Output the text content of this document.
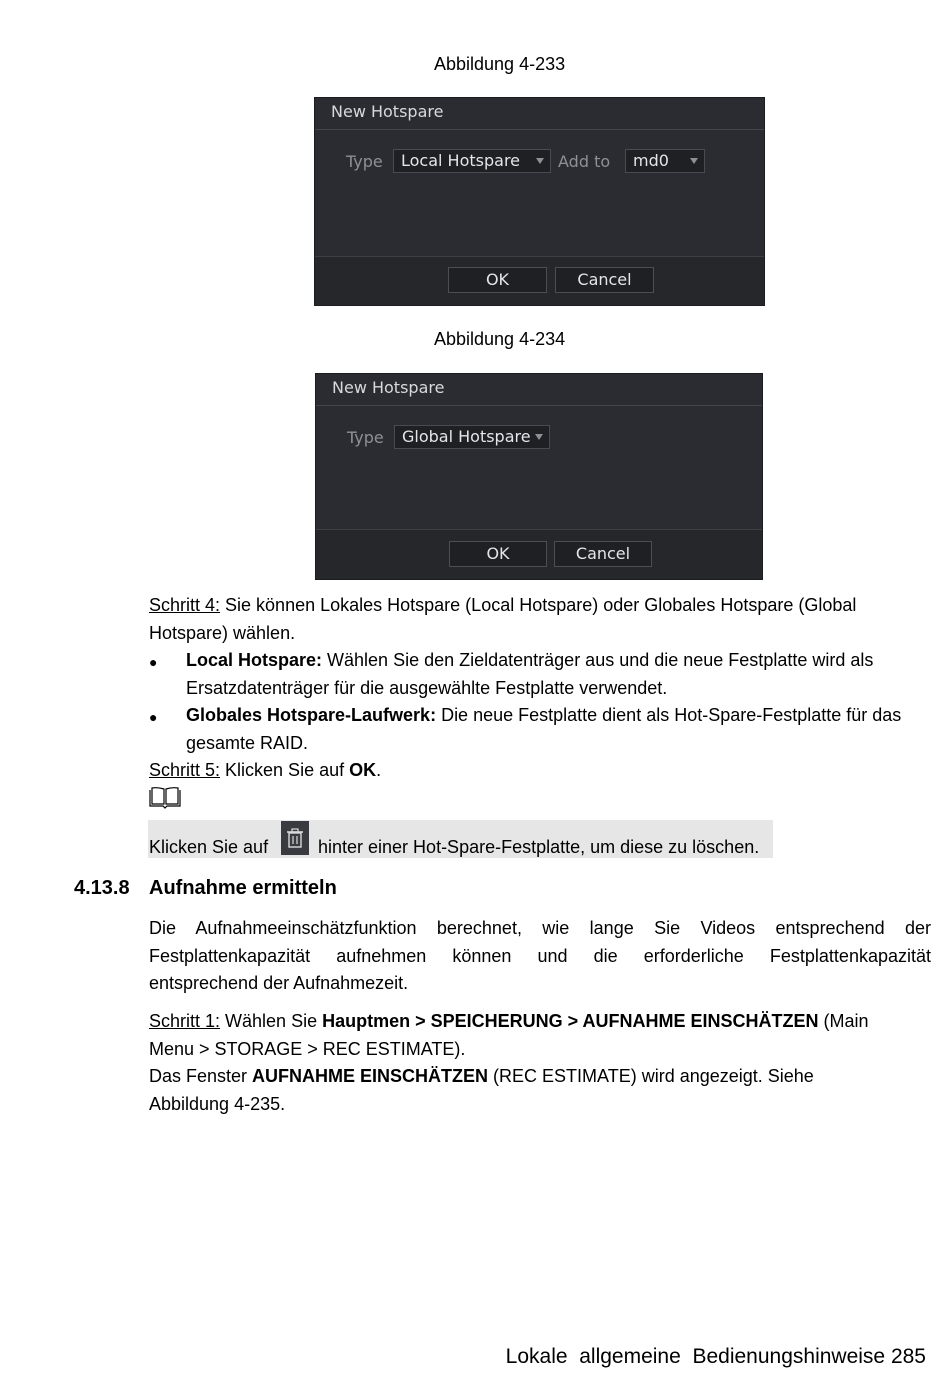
Abbildung 4-233
New Hotspare
Type	Local Hotspare	Add to	md0
OK	Cancel
Abbildung 4-234
New Hotspare
Type	Global Hotspare
OK	Cancel
Schritt 4: Sie können Lokales Hotspare (Local Hotspare) oder Globales Hotspare (Global
Hotspare) wählen.
● Local Hotspare: Wählen Sie den Zieldatenträger aus und die neue Festplatte wird als
Ersatzdatenträger für die ausgewählte Festplatte verwendet.
● Globales Hotspare-Laufwerk: Die neue Festplatte dient als Hot-Spare-Festplatte für das
gesamte RAID.
Schritt 5: Klicken Sie auf OK.
Klicken Sie auf	hinter einer Hot-Spare-Festplatte, um diese zu löschen.
4.13.8 Aufnahme ermitteln
Die Aufnahmeeinschätzfunktion berechnet, wie lange Sie Videos entsprechend der
Festplattenkapazität aufnehmen können und die erforderliche Festplattenkapazität
entsprechend der Aufnahmezeit.
Schritt 1: Wählen Sie Hauptmen > SPEICHERUNG > AUFNAHME EINSCHÄTZEN (Main
Menu > STORAGE > REC ESTIMATE).
Das Fenster AUFNAHME EINSCHÄTZEN (REC ESTIMATE) wird angezeigt. Siehe
Abbildung 4-235.
Lokale  allgemeine  Bedienungshinweise 285
